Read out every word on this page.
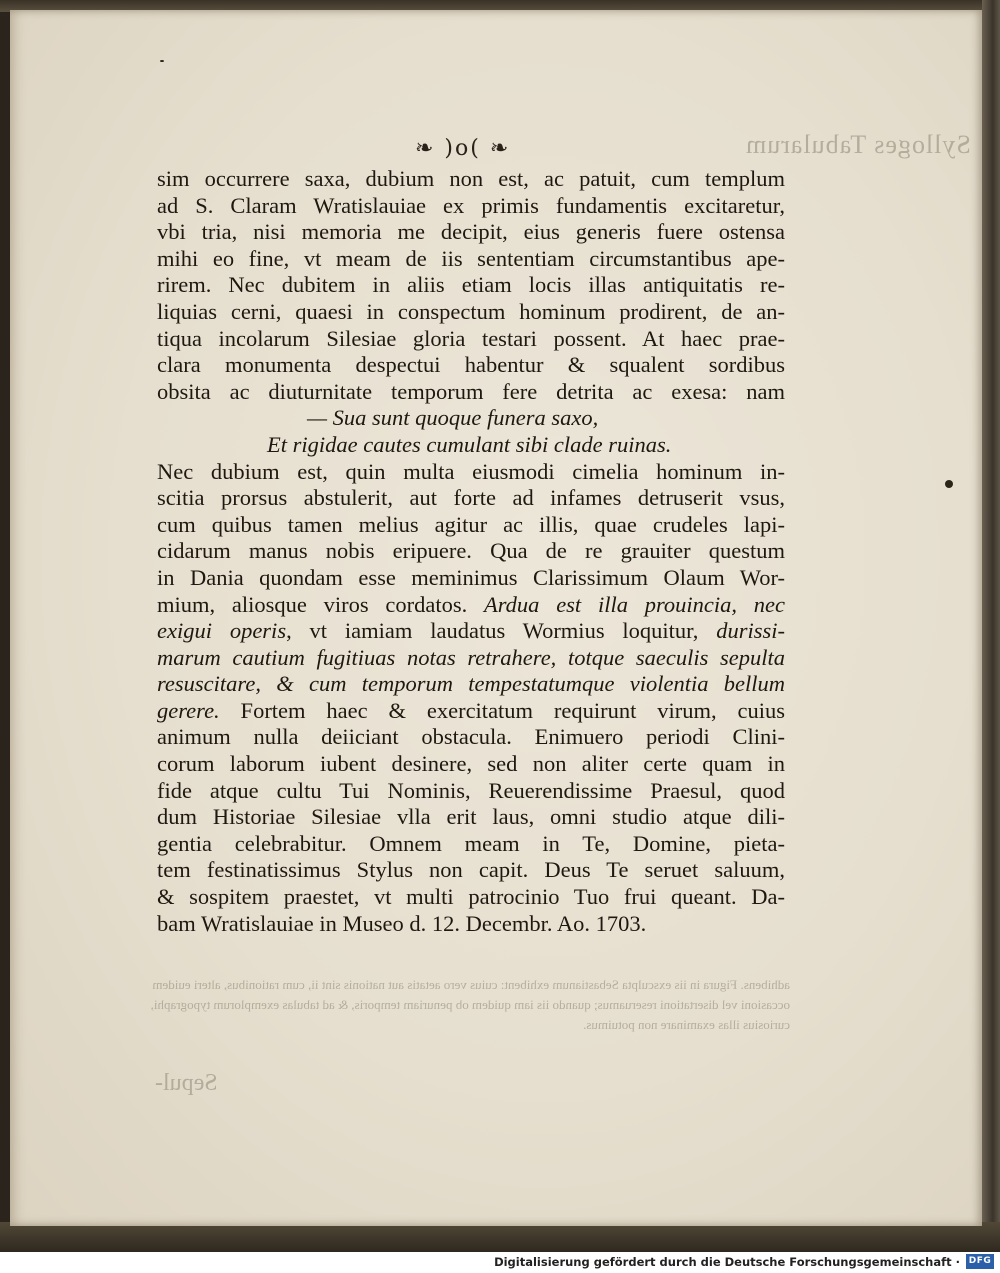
Sylloges Tabularum
adhibens. Figura in iis exsculpta Sebastianum exhibent: cuius vero aetatis aut nationis sint ii, cum rationibus, alteri euidem occasioni vel disertationi reseruamus; quando iis iam quidem ob penuriam temporis, & ad tabulas exemplorum typographi, curiosius illas examinare non potuimus.
Sepul-
❧ )o( ❧
sim occurrere saxa, dubium non est, ac patuit, cum templum
ad S. Claram Wratislauiae ex primis fundamentis excitaretur,
vbi tria, nisi memoria me decipit, eius generis fuere ostensa
mihi eo fine, vt meam de iis sententiam circumstantibus ape-
rirem. Nec dubitem in aliis etiam locis illas antiquitatis re-
liquias cerni, quaesi in conspectum hominum prodirent, de an-
tiqua incolarum Silesiae gloria testari possent. At haec prae-
clara monumenta despectui habentur & squalent sordibus
obsita ac diuturnitate temporum fere detrita ac exesa: nam
— Sua sunt quoque funera saxo,
Et rigidae cautes cumulant sibi clade ruinas.
Nec dubium est, quin multa eiusmodi cimelia hominum in-
scitia prorsus abstulerit, aut forte ad infames detruserit vsus,
cum quibus tamen melius agitur ac illis, quae crudeles lapi-
cidarum manus nobis eripuere. Qua de re grauiter questum
in Dania quondam esse meminimus Clarissimum Olaum Wor-
mium, aliosque viros cordatos. Ardua est illa prouincia, nec
exigui operis, vt iamiam laudatus Wormius loquitur, durissi-
marum cautium fugitiuas notas retrahere, totque saeculis sepulta
resuscitare, & cum temporum tempestatumque violentia bellum
gerere. Fortem haec & exercitatum requirunt virum, cuius
animum nulla deiiciant obstacula. Enimuero periodi Clini-
corum laborum iubent desinere, sed non aliter certe quam in
fide atque cultu Tui Nominis, Reuerendissime Praesul, quod
dum Historiae Silesiae vlla erit laus, omni studio atque dili-
gentia celebrabitur. Omnem meam in Te, Domine, pieta-
tem festinatissimus Stylus non capit. Deus Te seruet saluum,
& sospitem praestet, vt multi patrocinio Tuo frui queant. Da-
bam Wratislauiae in Museo d. 12. Decembr. Ao. 1703.
Digitalisierung gefördert durch die Deutsche Forschungsgemeinschaft · DFG
